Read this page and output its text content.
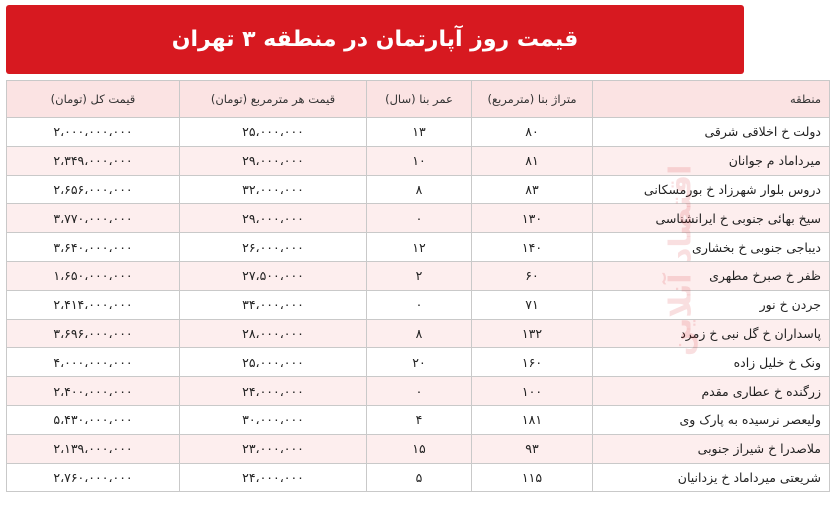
قیمت روز آپارتمان در منطقه ۳ تهران
منطقه	متراژ بنا (مترمربع)	عمر بنا (سال)	قیمت هر مترمربع (تومان)	قیمت کل (تومان)
دولت خ اخلاقی شرقی	۸۰	۱۳	۲۵،۰۰۰،۰۰۰	۲،۰۰۰،۰۰۰،۰۰۰
میرداماد م جوانان	۸۱	۱۰	۲۹،۰۰۰،۰۰۰	۲،۳۴۹،۰۰۰،۰۰۰
دروس بلوار شهرزاد خ بورمسکانی	۸۳	۸	۳۲،۰۰۰،۰۰۰	۲،۶۵۶،۰۰۰،۰۰۰
سیخ بهائی جنوبی خ ایرانشناسی	۱۳۰	۰	۲۹،۰۰۰،۰۰۰	۳،۷۷۰،۰۰۰،۰۰۰
دیباجی جنوبی خ بخشاری	۱۴۰	۱۲	۲۶،۰۰۰،۰۰۰	۳،۶۴۰،۰۰۰،۰۰۰
ظفر خ صبرخ مطهری	۶۰	۲	۲۷،۵۰۰،۰۰۰	۱،۶۵۰،۰۰۰،۰۰۰
جردن خ نور	۷۱	۰	۳۴،۰۰۰،۰۰۰	۲،۴۱۴،۰۰۰،۰۰۰
پاسداران خ گل نبی خ زمرد	۱۳۲	۸	۲۸،۰۰۰،۰۰۰	۳،۶۹۶،۰۰۰،۰۰۰
ونک خ خلیل زاده	۱۶۰	۲۰	۲۵،۰۰۰،۰۰۰	۴،۰۰۰،۰۰۰،۰۰۰
زرگنده خ عطاری مقدم	۱۰۰	۰	۲۴،۰۰۰،۰۰۰	۲،۴۰۰،۰۰۰،۰۰۰
ولیعصر نرسیده به پارک وی	۱۸۱	۴	۳۰،۰۰۰،۰۰۰	۵،۴۳۰،۰۰۰،۰۰۰
ملاصدرا خ شیراز جنوبی	۹۳	۱۵	۲۳،۰۰۰،۰۰۰	۲،۱۳۹،۰۰۰،۰۰۰
شریعتی میرداماد خ یزدانیان	۱۱۵	۵	۲۴،۰۰۰،۰۰۰	۲،۷۶۰،۰۰۰،۰۰۰
اقتصاد آنلاین
